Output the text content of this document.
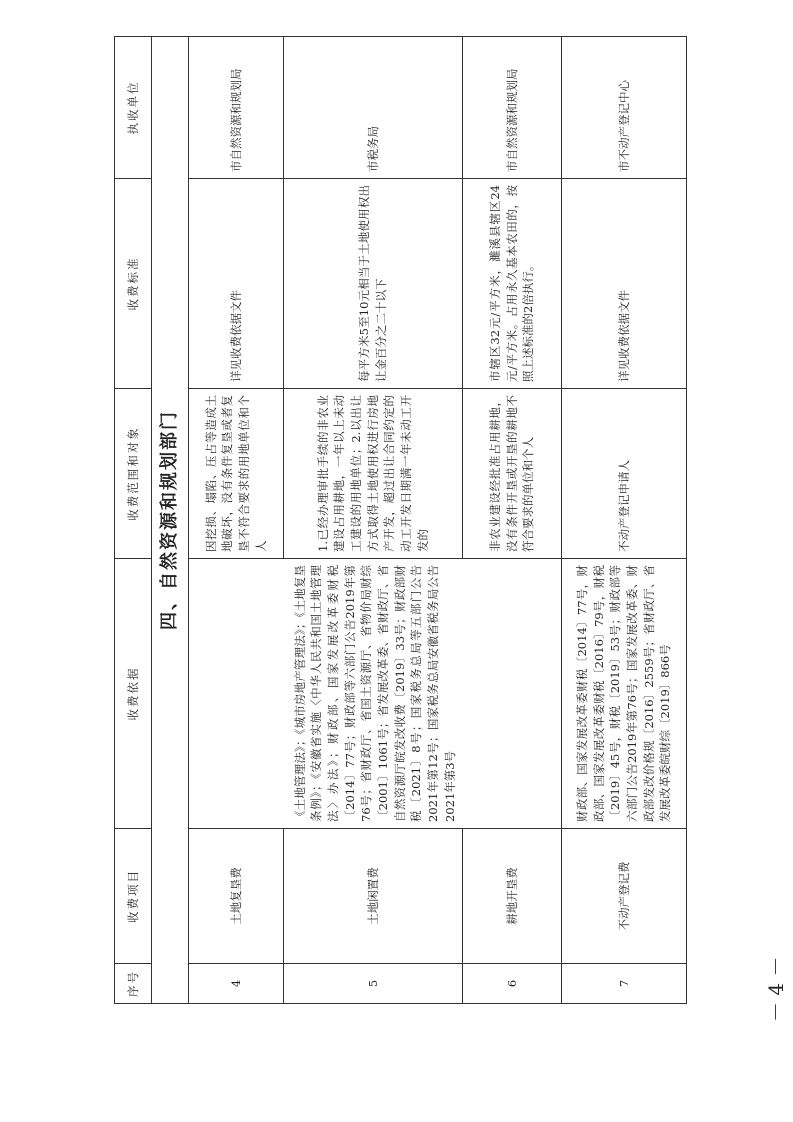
序号	收费项目	收费依据	收费范围和对象	收费标准	执收单位
四、自然资源和规划部门					
4	土地复垦费	《土地管理法》；《城市房地产管理法》；《土地复垦条例》；《安徽省实施〈中华人民共和国土地管理法〉办法》；财政部、国家发展改革委财税〔2014〕77号；财政部等六部门公告2019年第76号；省财政厅、省国土资源厅、省物价局财综〔2001〕1061号；省发展改革委、省财政厅、省自然资源厅皖发改收费〔2019〕33号；财政部财税〔2021〕8号；国家税务总局等五部门公告2021年第12号；国家税务总局安徽省税务局公告2021年第3号	因挖损、塌陷、压占等造成土地破坏，没有条件复垦或者复垦不符合要求的用地单位和个人	详见收费依据文件	市自然资源和规划局
5	土地闲置费		1.已经办理审批手续的非农业建设占用耕地，一年以上未动工建设的用地单位；2.以出让方式取得土地使用权进行房地产开发，超过出让合同约定的动工开发日期满一年未动工开发的	每平方米5至10元相当于土地使用权出让金百分之二十以下	市税务局
6	耕地开垦费		非农业建设经批准占用耕地，没有条件开垦或开垦的耕地不符合要求的单位和个人	市辖区32元/平方米，濉溪县辖区24元/平方米。占用永久基本农田的，按照上述标准的2倍执行。	市自然资源和规划局
7	不动产登记费	财政部、国家发展改革委财税〔2014〕77号，财政部、国家发展改革委财税〔2016〕79号，财税〔2019〕45号，财税〔2019〕53号；财政部等六部门公告2019年第76号；国家发展改革委、财政部发改价格规〔2016〕2559号；省财政厅、省发展改革委皖财综〔2019〕866号	不动产登记申请人	详见收费依据文件	市不动产登记中心
－ 4 －
